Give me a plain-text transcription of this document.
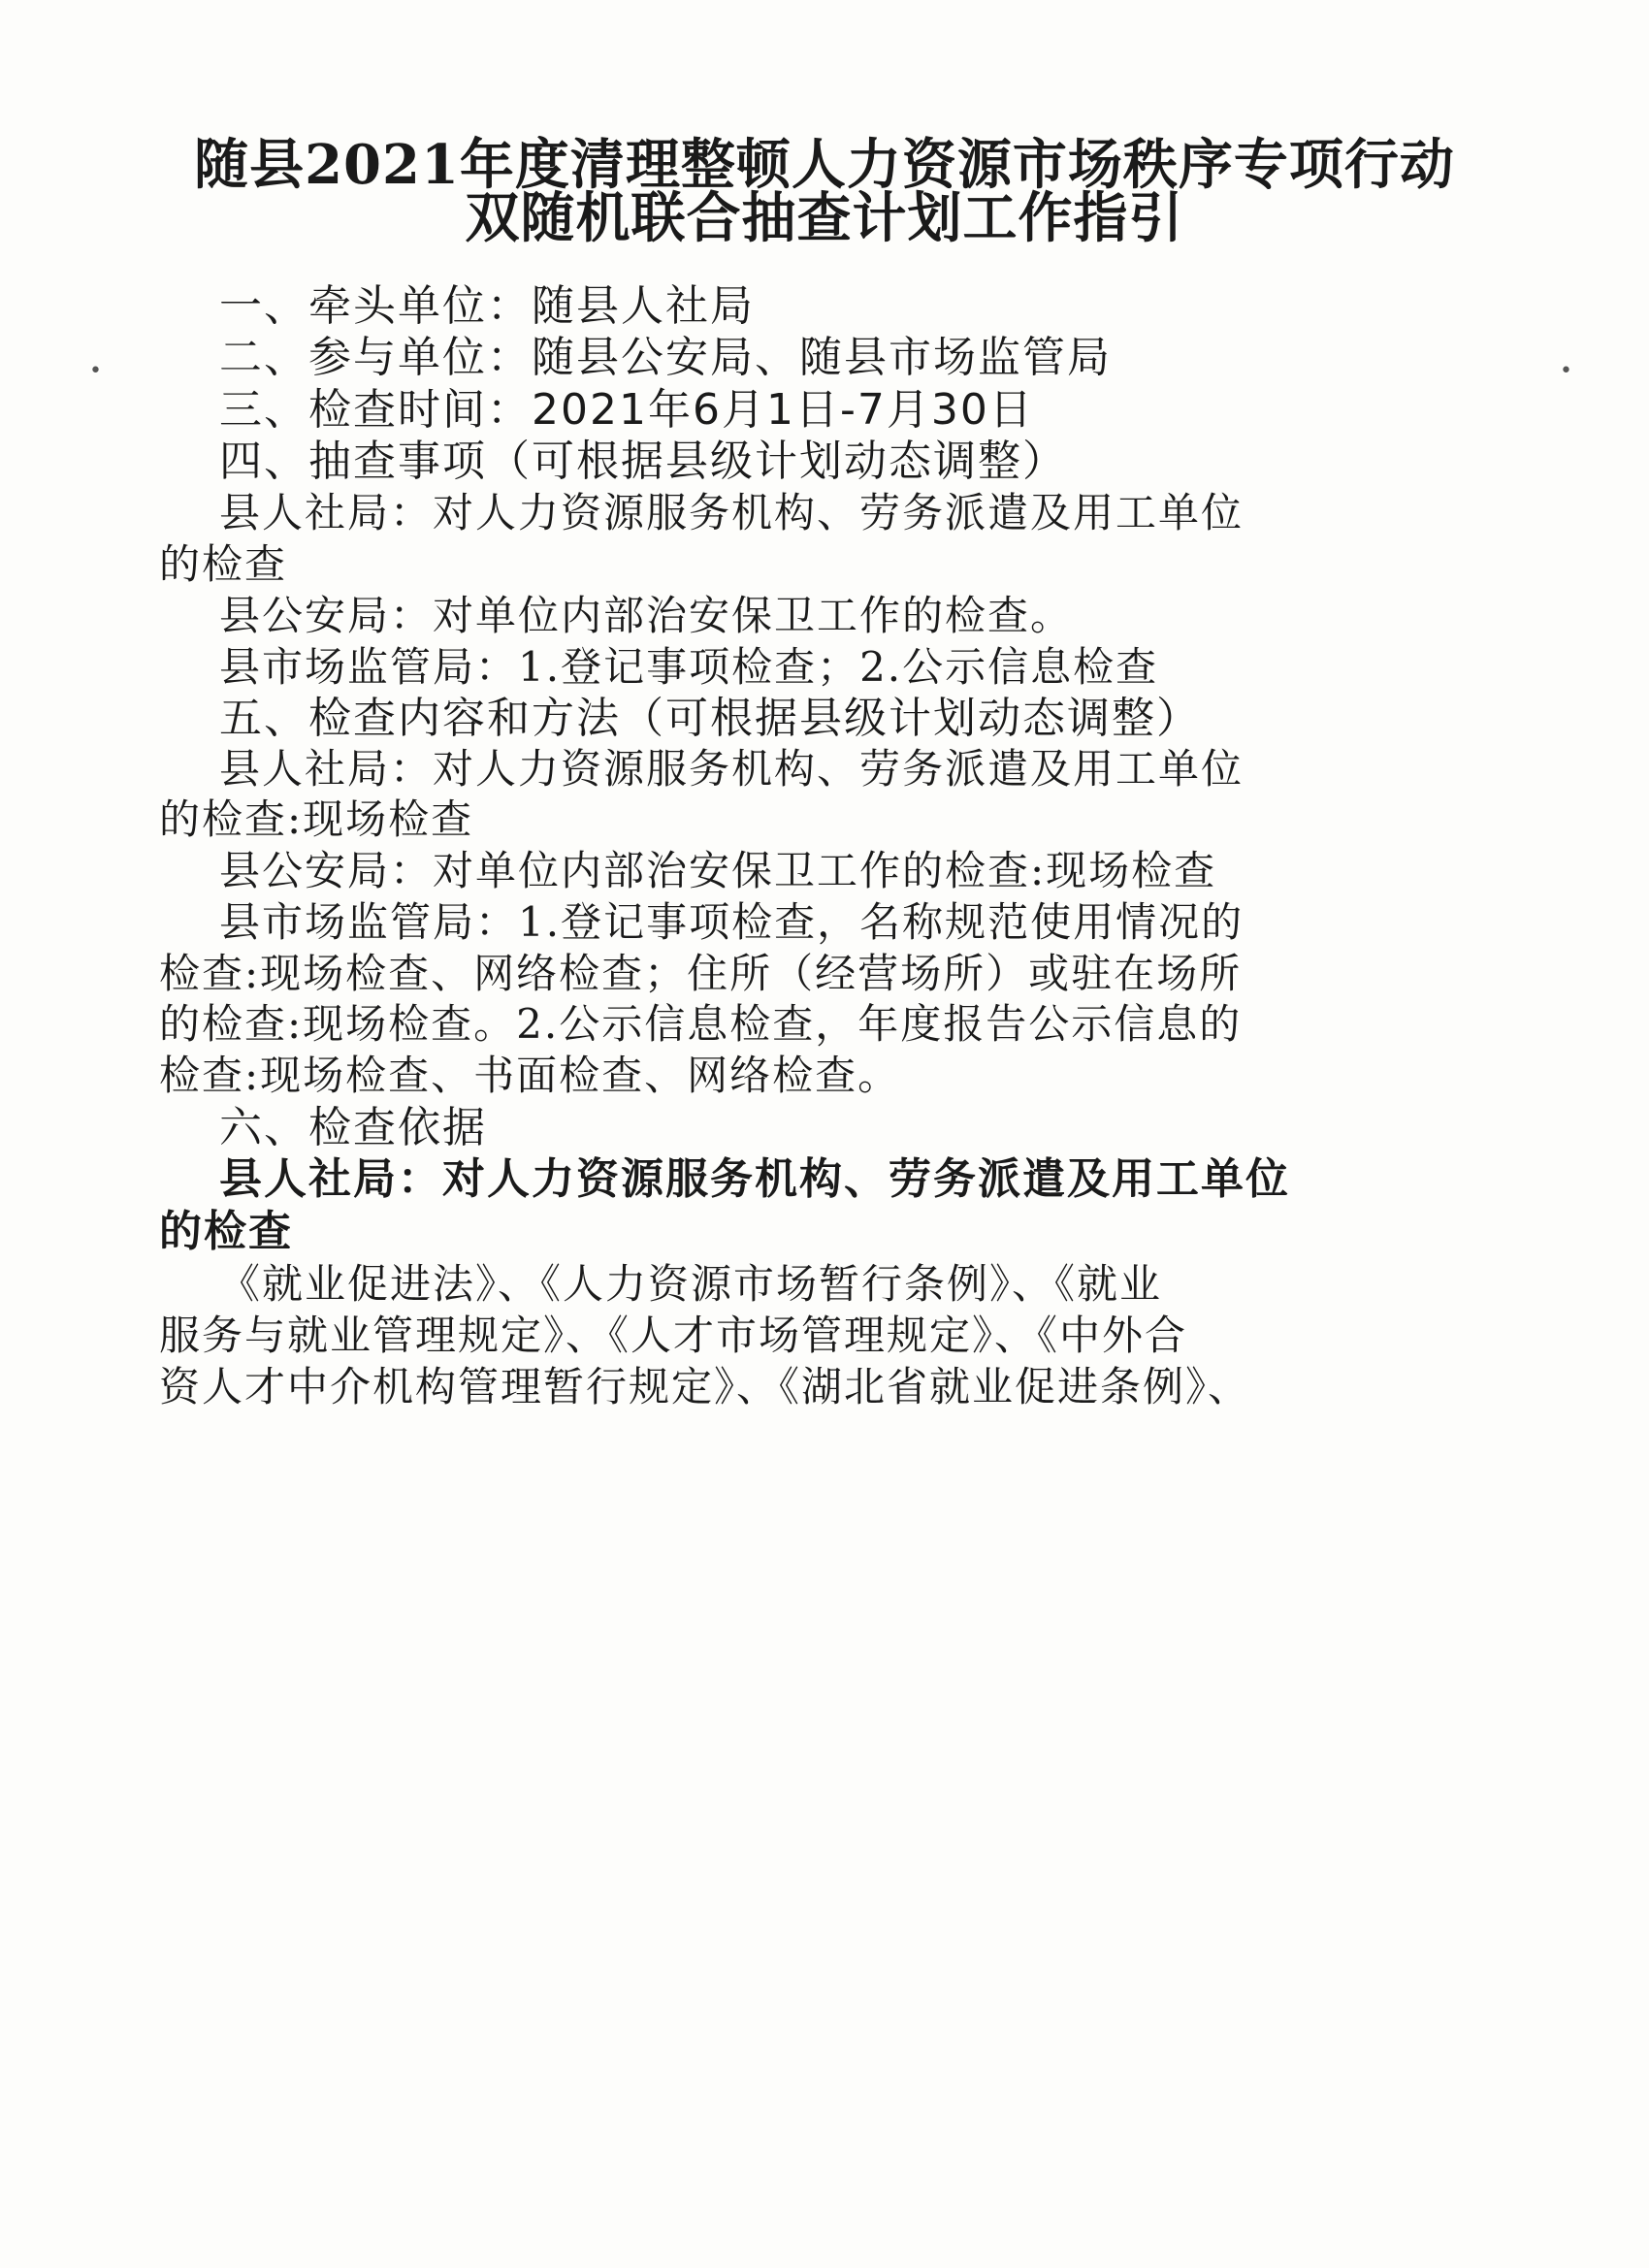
随县2021年度清理整顿人力资源市场秩序专项行动
双随机联合抽查计划工作指引
一、牵头单位：随县人社局
二、参与单位：随县公安局、随县市场监管局
三、检查时间：2021年6月1日-7月30日
四、抽查事项（可根据县级计划动态调整）
县人社局：对人力资源服务机构、劳务派遣及用工单位
的检查
县公安局：对单位内部治安保卫工作的检查。
县市场监管局：1.登记事项检查；2.公示信息检查
五、检查内容和方法（可根据县级计划动态调整）
县人社局：对人力资源服务机构、劳务派遣及用工单位
的检查:现场检查
县公安局：对单位内部治安保卫工作的检查:现场检查
县市场监管局：1.登记事项检查，名称规范使用情况的
检查:现场检查、网络检查；住所（经营场所）或驻在场所
的检查:现场检查。2.公示信息检查，年度报告公示信息的
检查:现场检查、书面检查、网络检查。
六、检查依据
县人社局：对人力资源服务机构、劳务派遣及用工单位
的检查
《就业促进法》、《人力资源市场暂行条例》、《就业
服务与就业管理规定》、《人才市场管理规定》、《中外合
资人才中介机构管理暂行规定》、《湖北省就业促进条例》、
•	•
